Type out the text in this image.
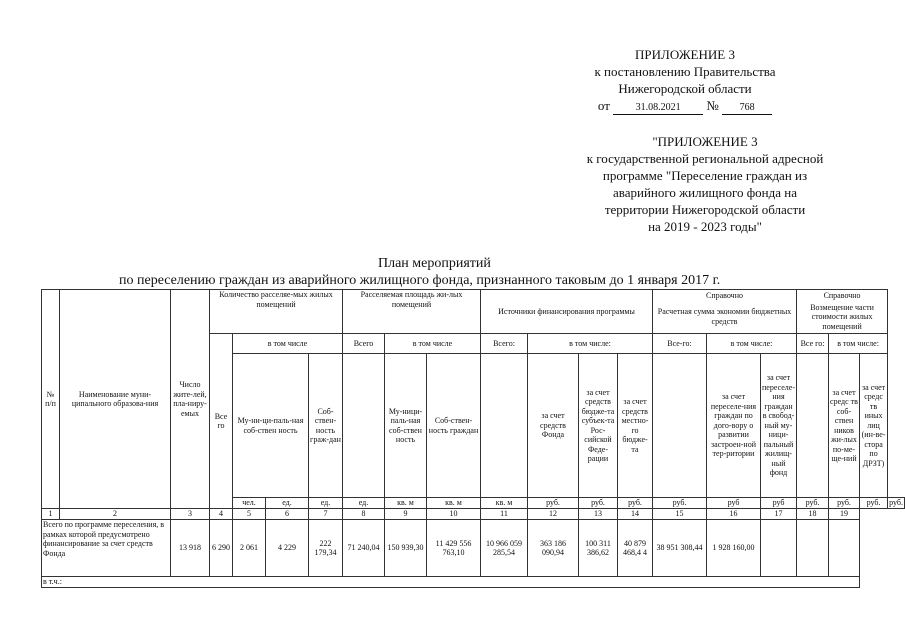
ПРИЛОЖЕНИЕ 3
к постановлению Правительства
Нижегородской области
от	31.08.2021 № 768
"ПРИЛОЖЕНИЕ 3
к государственной региональной адресной
программе "Переселение граждан из
аварийного жилищного фонда на
территории Нижегородской области
на 2019 - 2023 годы"
План мероприятий
по переселению граждан из аварийного жилищного фонда, признанного таковым до 1 января 2017 г.
№ п/п	Наименование муни-ципального образова-ния	Число жите-лей, пла-ниру-емых	Количество расселяе-мых жилых помещений				Расселяемая площадь жи-лых помещений			Источники финансирования программы				Справочно			Справочно			
														Расчетная сумма экономии бюджетных средств			Возмещение части стоимости жилых помещений			
			Все го	в том числе			Всего	в том числе		Всего:	в том числе:			Все-го:	в том числе:		Все го:	в том числе:		
				Му-ни-ци-паль-ная соб-ствен ность		Соб-ствен-ность граж-дан		Му-ници-паль-ная соб-ствен ность	Соб-ствен-ность граждан		за счет средств Фонда	за счет средств бюдже-та субъек-та Рос-сийской Феде-рации	за счет средств местно-го бюдже-та		за счет переселе-ния граждан по дого-вору о развитии застроен-ной тер-ритории	за счет переселе-ния граждан в свобод-ный му-ници-пальный жилищ-ный фонд		за счет средс тв соб-ствен ников жи-лых по-ме-ще-ний	за счет средс тв иных лиц (ин-ве-стора по ДРЗТ)	
				чел.	ед.	ед.	ед.	кв. м	кв. м	кв. м	руб.	руб.	руб.	руб.	руб	руб	руб.	руб.	руб.	руб.
1	2	3	4	5	6	7	8	9	10	11	12	13	14	15	16	17	18	19		
Всего по программе переселения, в рамках которой предусмотрено финансирование за счет средств Фонда		13 918	6 290	2 061	4 229	222 179,34	71 240,04	150 939,30	11 429 556 763,10	10 966 059 285,54	363 186 090,94	100 311 386,62	40 879 468,4 4	38 951 308,44	1 928 160,00					
в т.ч.:																				
